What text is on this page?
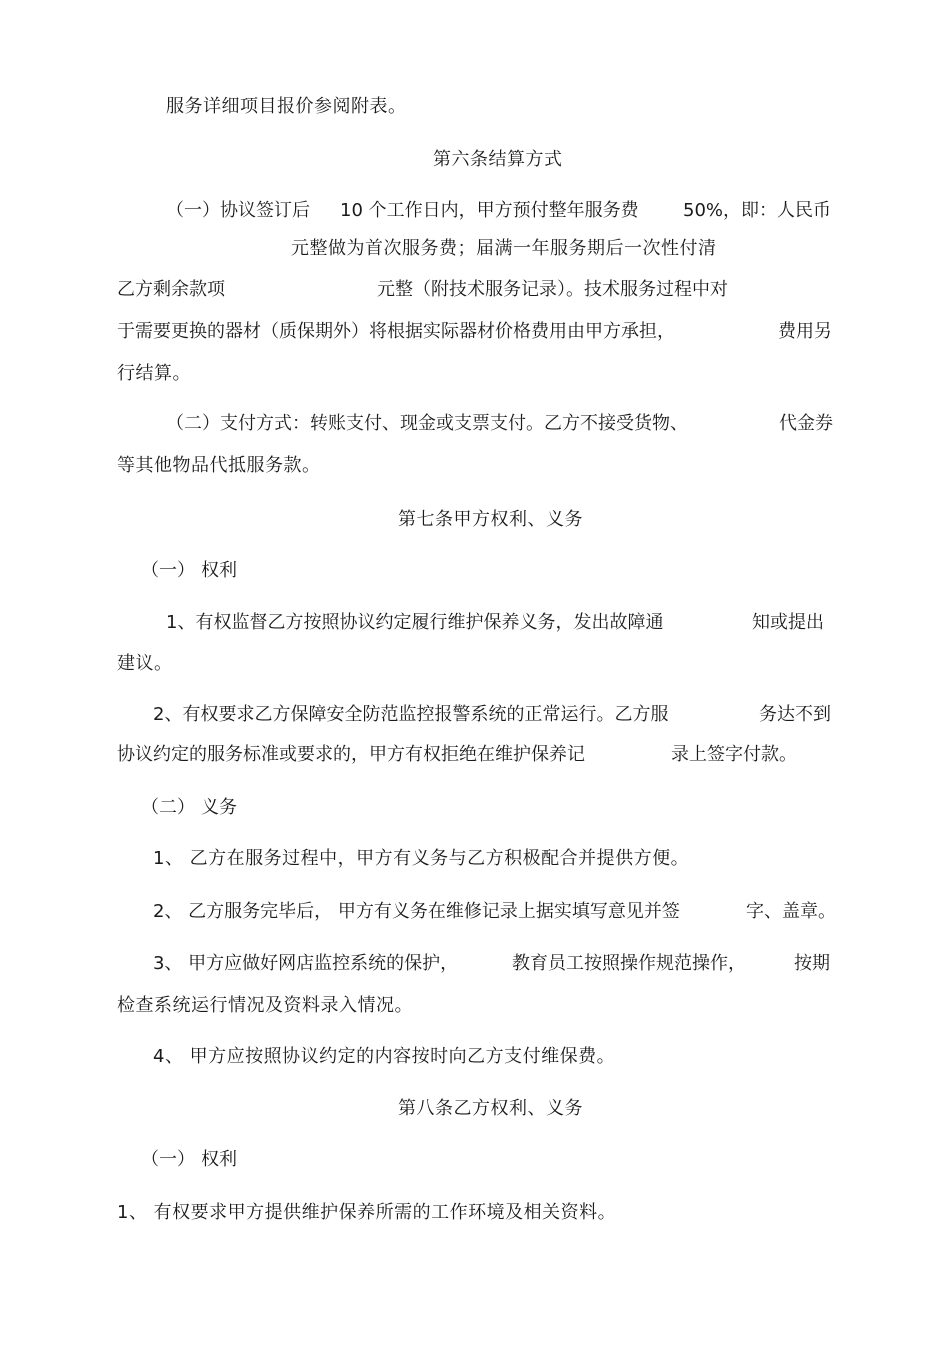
服务详细项目报价参阅附表。
第六条结算方式
（一）协议签订后 10 个工作日内，甲方预付整年服务费 50%，即：人民币
元整做为首次服务费；届满一年服务期后一次性付清
乙方剩余款项	元整（附技术服务记录）。技术服务过程中对
于需要更换的器材（质保期外）将根据实际器材价格费用由甲方承担，	费用另
行结算。
（二）支付方式：转账支付、现金或支票支付。乙方不接受货物、	代金券
等其他物品代抵服务款。
第七条甲方权利、义务
（一） 权利
1、有权监督乙方按照协议约定履行维护保养义务，发出故障通	知或提出
建议。
2、有权要求乙方保障安全防范监控报警系统的正常运行。乙方服	务达不到
协议约定的服务标准或要求的，甲方有权拒绝在维护保养记	录上签字付款。
（二） 义务
1、 乙方在服务过程中，甲方有义务与乙方积极配合并提供方便。
2、 乙方服务完毕后， 甲方有义务在维修记录上据实填写意见并签	字、盖章。
3、 甲方应做好网店监控系统的保护，	教育员工按照操作规范操作，	按期
检查系统运行情况及资料录入情况。
4、 甲方应按照协议约定的内容按时向乙方支付维保费。
第八条乙方权利、义务
（一） 权利
1、 有权要求甲方提供维护保养所需的工作环境及相关资料。
